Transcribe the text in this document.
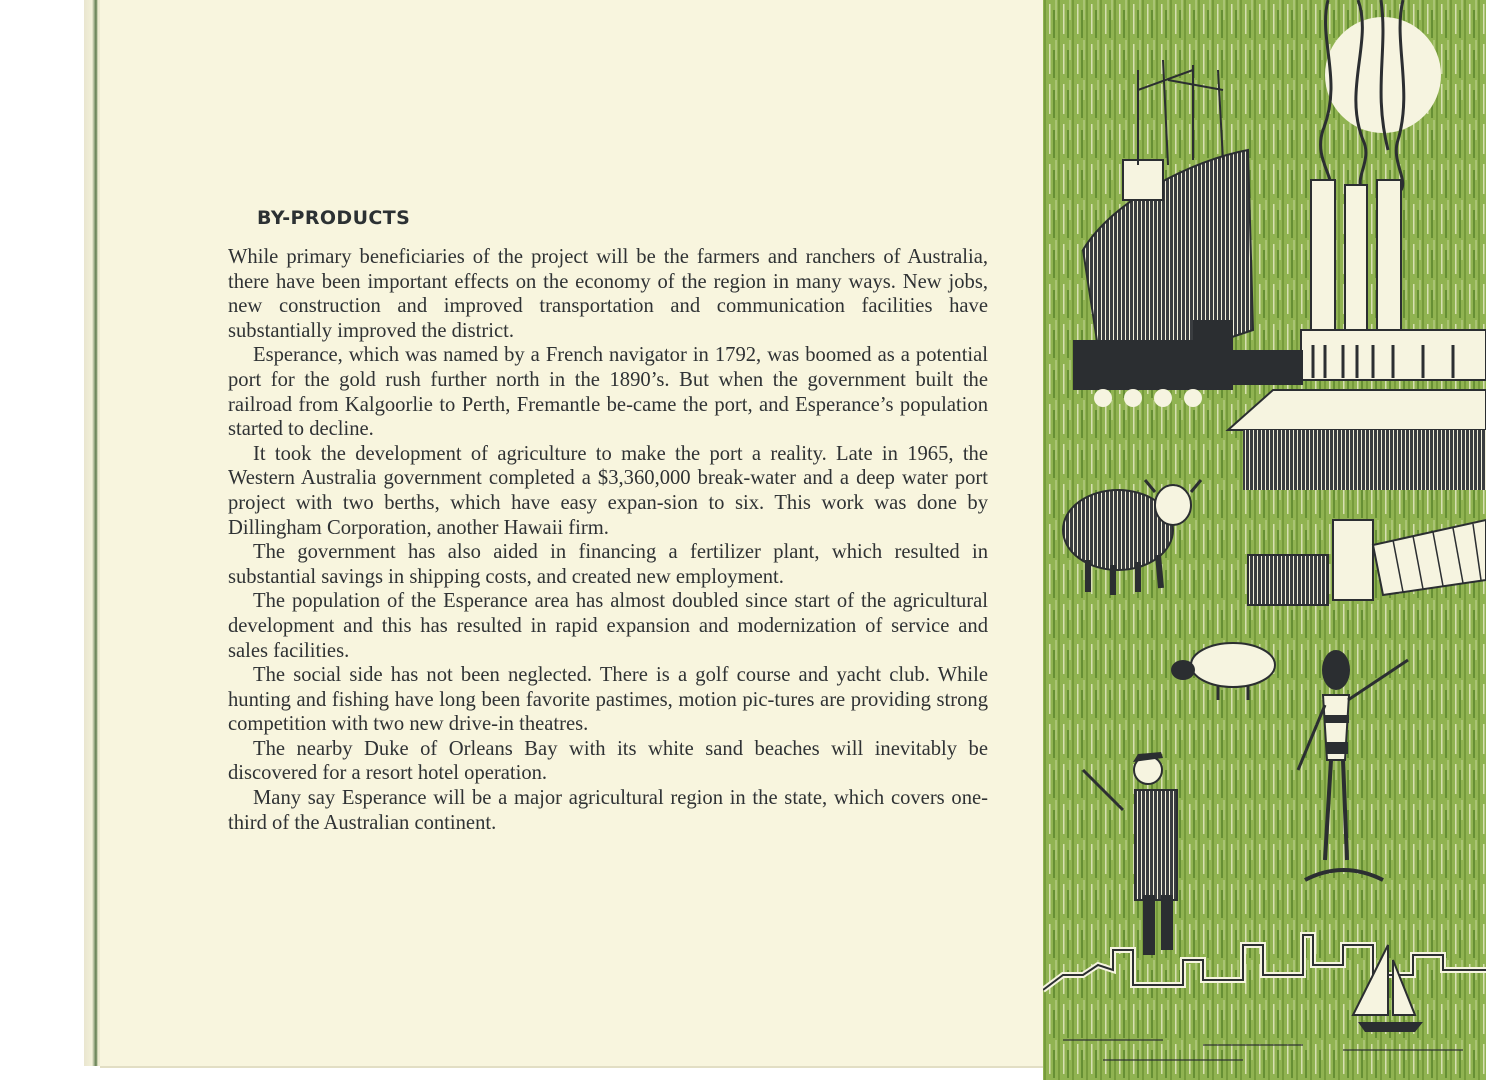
BY-PRODUCTS

While primary beneficiaries of the project will be the farmers and ranchers of Australia, there have been important effects on the economy of the region in many ways. New jobs, new construction and improved transportation and communication facilities have substantially improved the district.

Esperance, which was named by a French navigator in 1792, was boomed as a potential port for the gold rush further north in the 1890’s. But when the government built the railroad from Kalgoorlie to Perth, Fremantle be-came the port, and Esperance’s population started to decline.

It took the development of agriculture to make the port a reality. Late in 1965, the Western Australia government completed a $3,360,000 break-water and a deep water port project with two berths, which have easy expan-sion to six. This work was done by Dillingham Corporation, another Hawaii firm.

The government has also aided in financing a fertilizer plant, which resulted in substantial savings in shipping costs, and created new employment.

The population of the Esperance area has almost doubled since start of the agricultural development and this has resulted in rapid expansion and modernization of service and sales facilities.

The social side has not been neglected. There is a golf course and yacht club. While hunting and fishing have long been favorite pastimes, motion pic-tures are providing strong competition with two new drive-in theatres.

The nearby Duke of Orleans Bay with its white sand beaches will inevitably be discovered for a resort hotel operation.

Many say Esperance will be a major agricultural region in the state, which covers one-third of the Australian continent.
